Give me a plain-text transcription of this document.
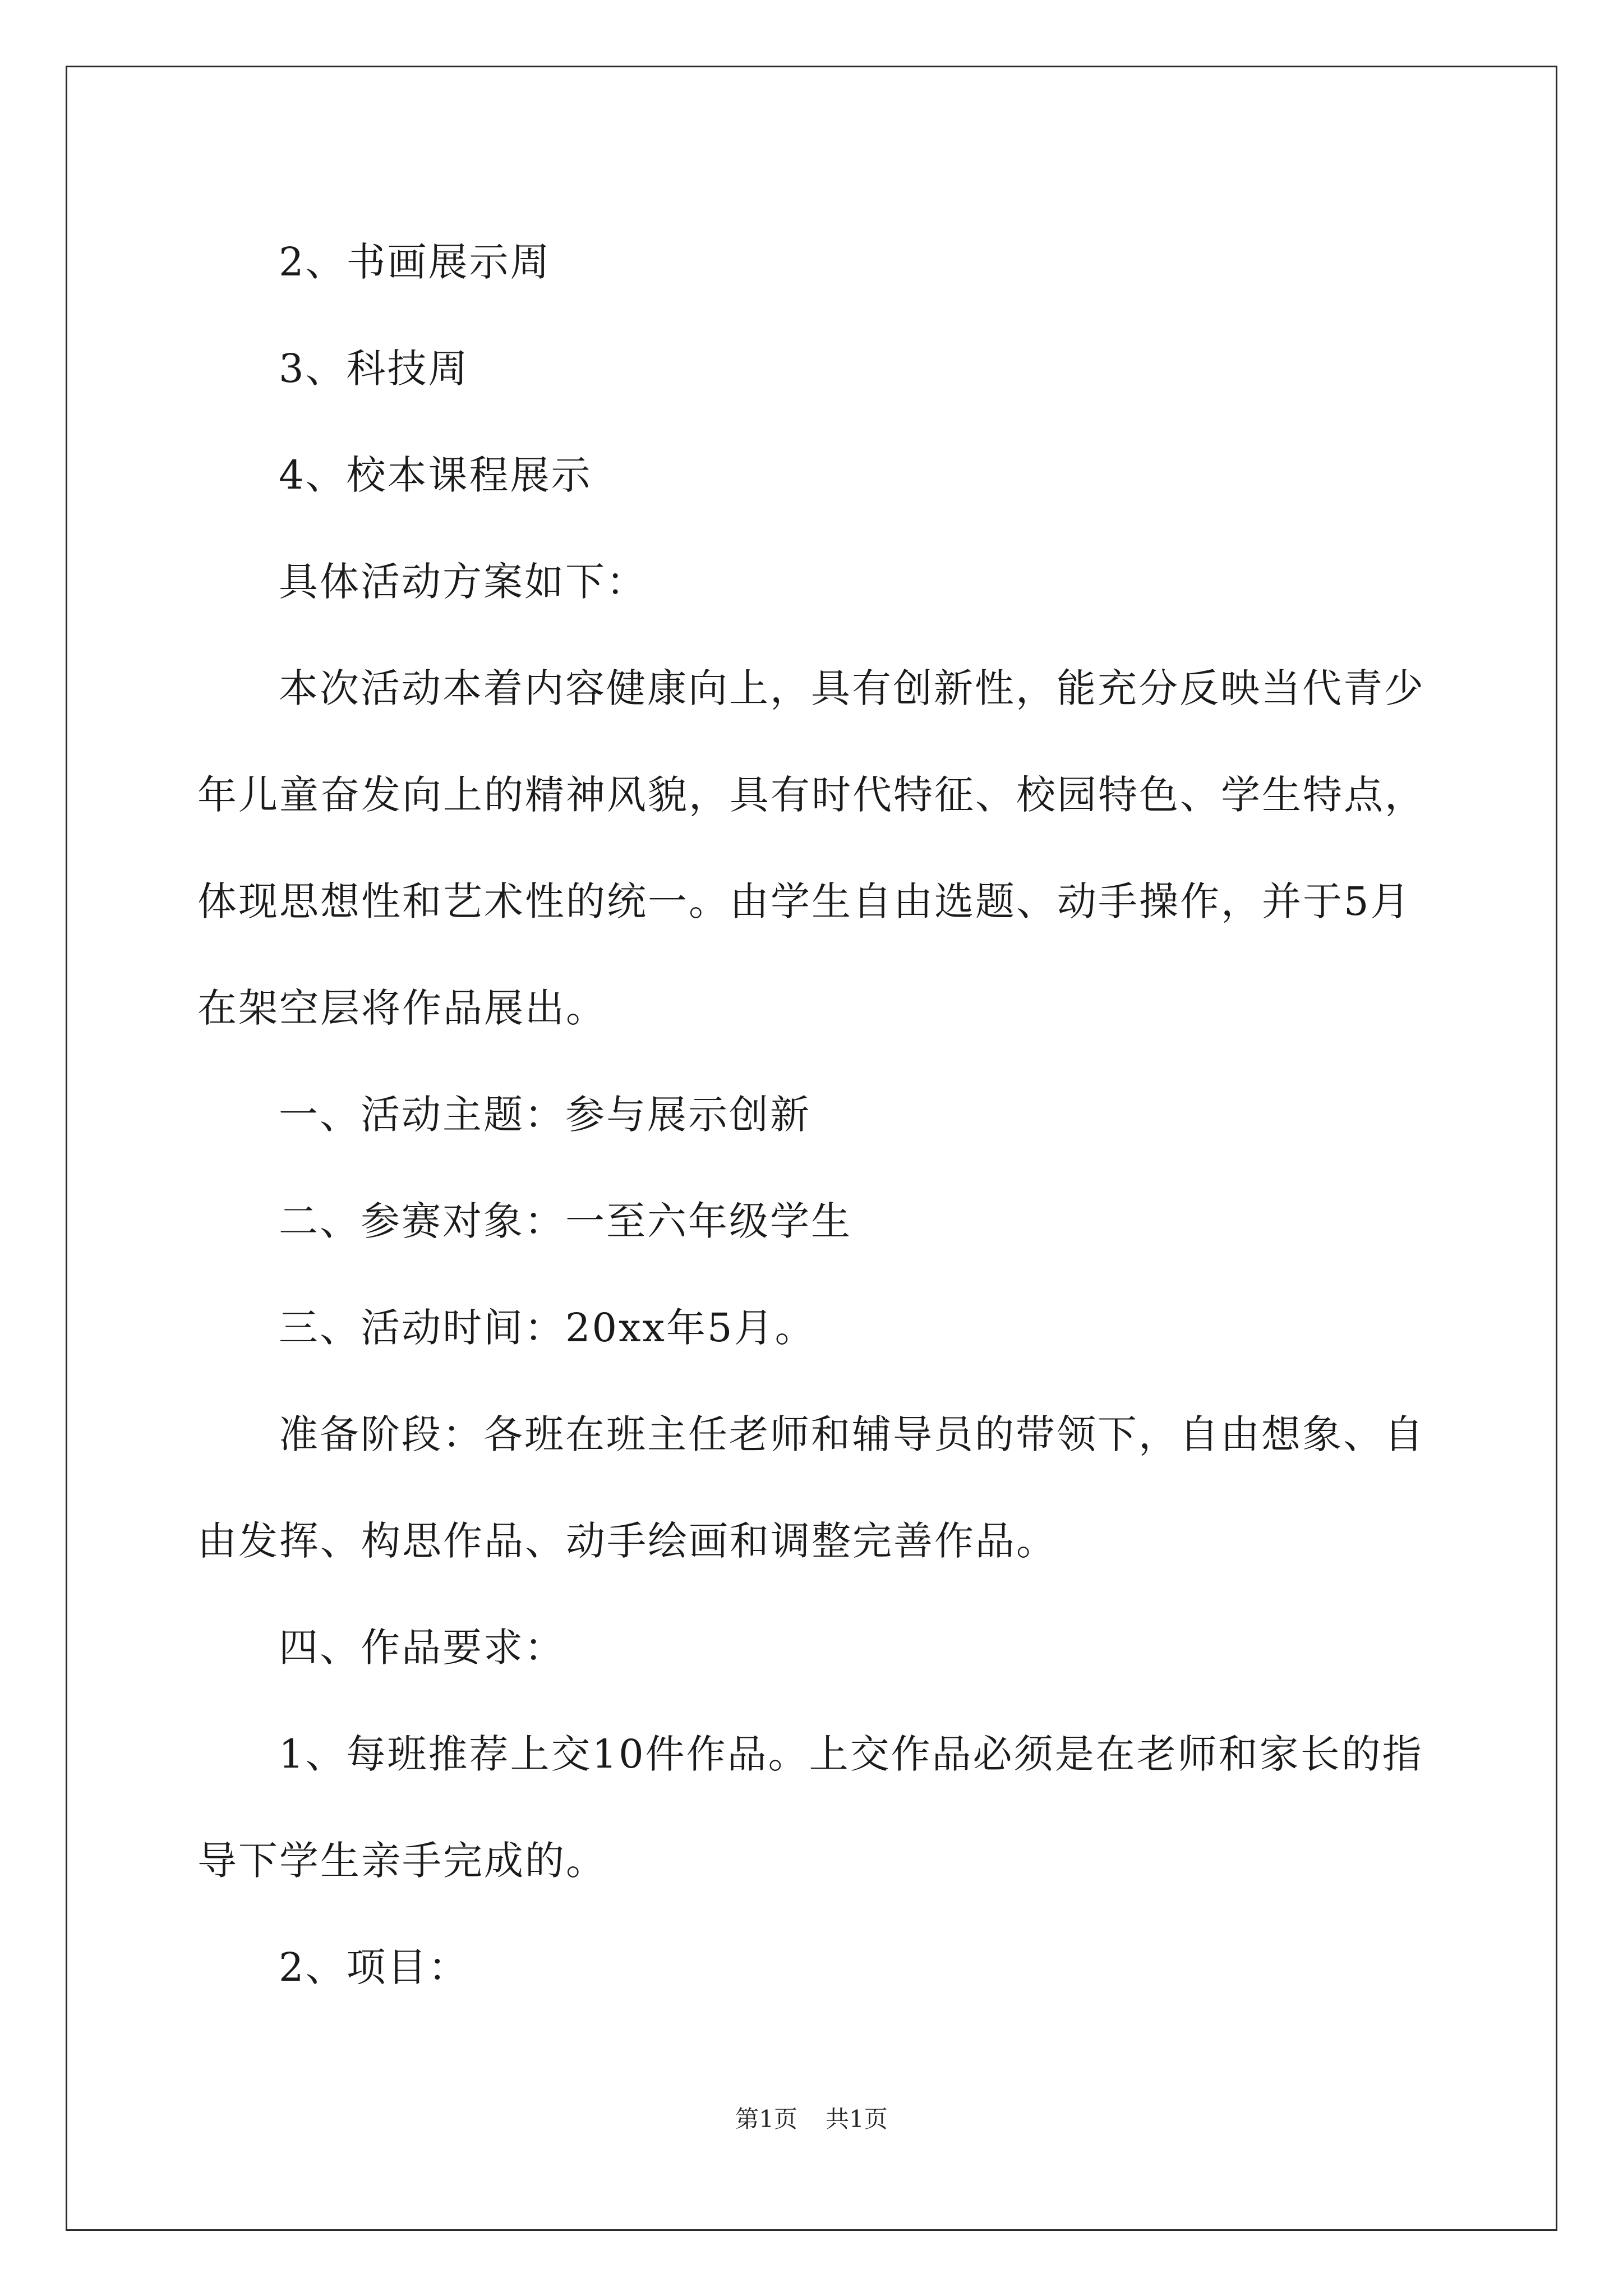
2、书画展示周

3、科技周

4、校本课程展示

具体活动方案如下：

本次活动本着内容健康向上，具有创新性，能充分反映当代青少年儿童奋发向上的精神风貌，具有时代特征、校园特色、学生特点，体现思想性和艺术性的统一。由学生自由选题、动手操作，并于5月在架空层将作品展出。

一、活动主题：参与展示创新

二、参赛对象：一至六年级学生

三、活动时间：20xx年5月。

准备阶段：各班在班主任老师和辅导员的带领下，自由想象、自由发挥、构思作品、动手绘画和调整完善作品。

四、作品要求：

1、每班推荐上交10件作品。上交作品必须是在老师和家长的指导下学生亲手完成的。

2、项目：

第1页 共1页
